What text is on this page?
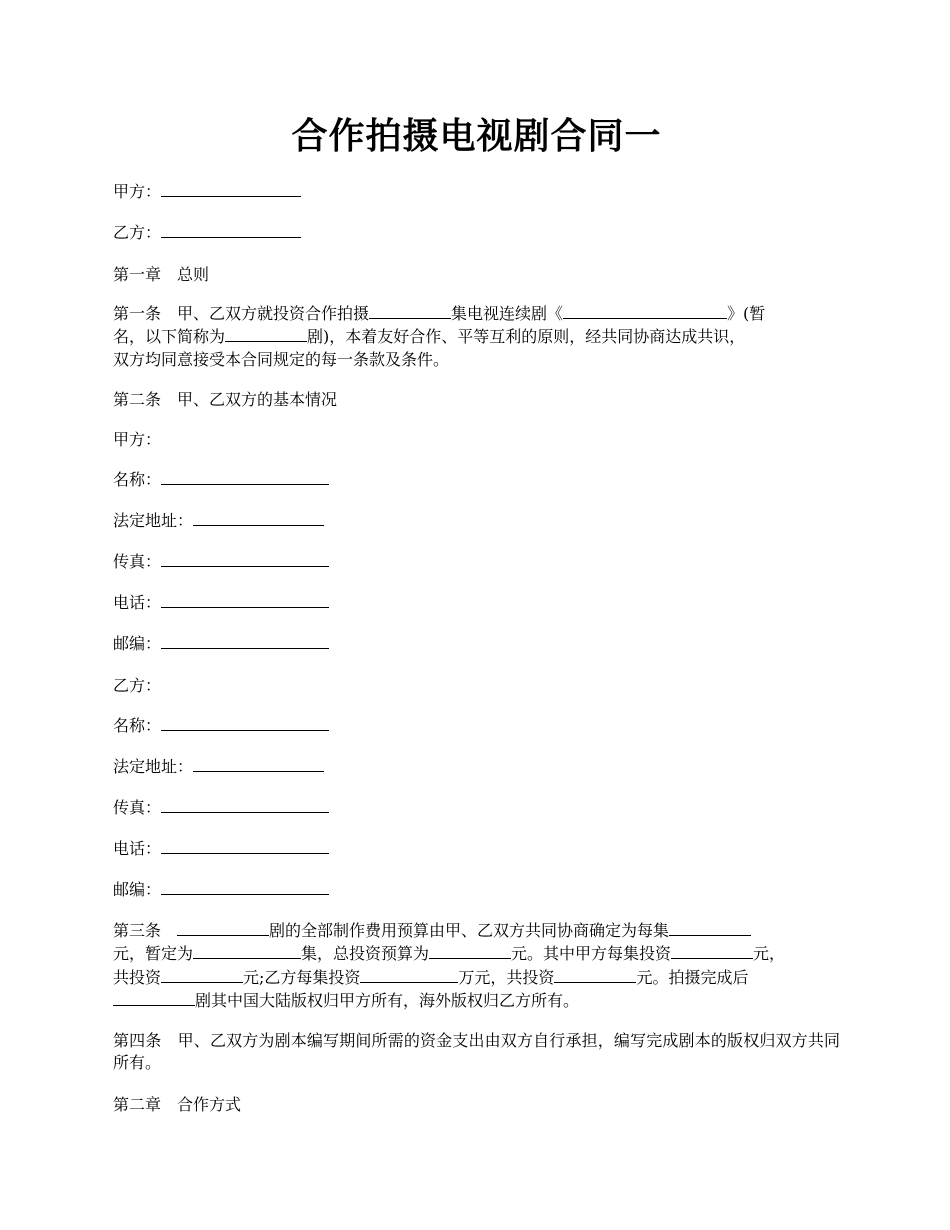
合作拍摄电视剧合同一
甲方：
乙方：
第一章　总则
第一条　甲、乙双方就投资合作拍摄	集电视连续剧《	》(暂
名，以下简称为	剧)，本着友好合作、平等互利的原则，经共同协商达成共识，
双方均同意接受本合同规定的每一条款及条件。
第二条　甲、乙双方的基本情况
甲方：
名称：
法定地址：
传真：
电话：
邮编：
乙方：
名称：
法定地址：
传真：
电话：
邮编：
第三条　	剧的全部制作费用预算由甲、乙双方共同协商确定为每集
元，暂定为	集，总投资预算为	元。其中甲方每集投资	元，
共投资	元;乙方每集投资	万元，共投资	元。拍摄完成后
剧其中国大陆版权归甲方所有，海外版权归乙方所有。
第四条　甲、乙双方为剧本编写期间所需的资金支出由双方自行承担，编写完成剧本的版权归双方共同所有。
第二章　合作方式
